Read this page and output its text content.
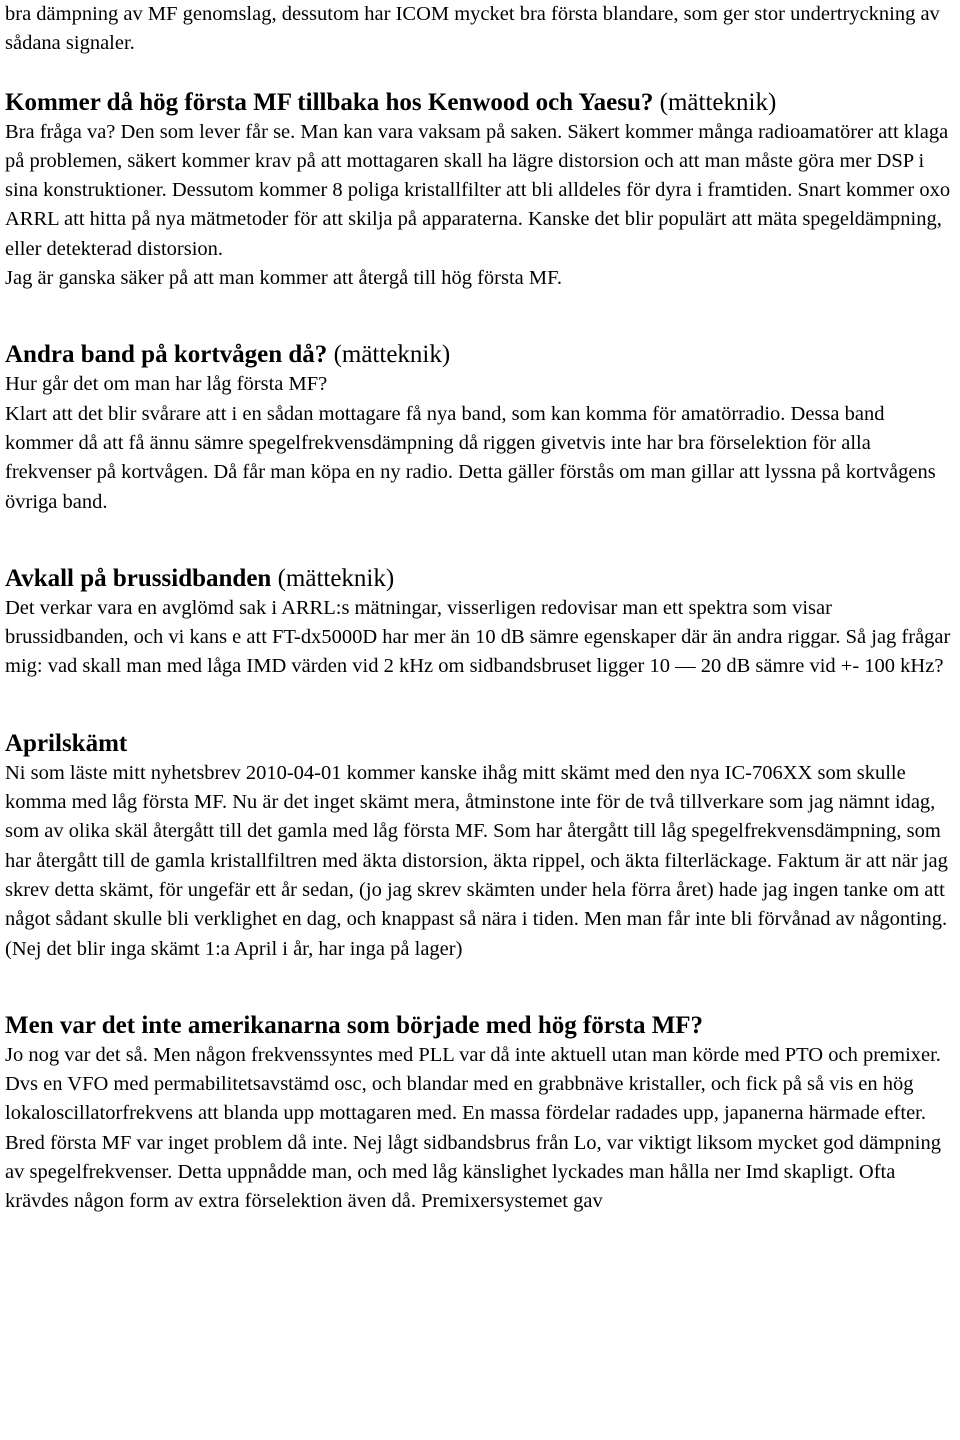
bra dämpning av MF genomslag, dessutom har ICOM mycket bra första blandare, som ger stor undertryckning av sådana signaler.

Kommer då hög första MF tillbaka hos Kenwood och Yaesu? (mätteknik)

Bra fråga va? Den som lever får se. Man kan vara vaksam på saken. Säkert kommer många radioamatörer att klaga på problemen, säkert kommer krav på att mottagaren skall ha lägre distorsion och att man måste göra mer DSP i sina konstruktioner. Dessutom kommer 8 poliga kristallfilter att bli alldeles för dyra i framtiden. Snart kommer oxo ARRL att hitta på nya mätmetoder för att skilja på apparaterna. Kanske det blir populärt att mäta spegeldämpning, eller detekterad distorsion.

Jag är ganska säker på att man kommer att återgå till hög första MF.

Andra band på kortvågen då? (mätteknik)

Hur går det om man har låg första MF?

Klart att det blir svårare att i en sådan mottagare få nya band, som kan komma för amatörradio. Dessa band kommer då att få ännu sämre spegelfrekvensdämpning då riggen givetvis inte har bra förselektion för alla frekvenser på kortvågen. Då får man köpa en ny radio. Detta gäller förstås om man gillar att lyssna på kortvågens övriga band.

Avkall på brussidbanden (mätteknik)

Det verkar vara en avglömd sak i ARRL:s mätningar, visserligen redovisar man ett spektra som visar brussidbanden, och vi kans e att FT-dx5000D har mer än 10 dB sämre egenskaper där än andra riggar. Så jag frågar mig: vad skall man med låga IMD värden vid 2 kHz om sidbandsbruset ligger 10 — 20 dB sämre vid +- 100 kHz?

Aprilskämt

Ni som läste mitt nyhetsbrev 2010-04-01 kommer kanske ihåg mitt skämt med den nya IC-706XX som skulle komma med låg första MF. Nu är det inget skämt mera, åtminstone inte för de två tillverkare som jag nämnt idag, som av olika skäl återgått till det gamla med låg första MF. Som har återgått till låg spegelfrekvensdämpning, som har återgått till de gamla kristallfiltren med äkta distorsion, äkta rippel, och äkta filterläckage. Faktum är att när jag skrev detta skämt, för ungefär ett år sedan, (jo jag skrev skämten under hela förra året) hade jag ingen tanke om att något sådant skulle bli verklighet en dag, och knappast så nära i tiden. Men man får inte bli förvånad av någonting. (Nej det blir inga skämt 1:a April i år, har inga på lager)

Men var det inte amerikanarna som började med hög första MF?

Jo nog var det så. Men någon frekvenssyntes med PLL var då inte aktuell utan man körde med PTO och premixer. Dvs en VFO med permabilitetsavstämd osc, och blandar med en grabbnäve kristaller, och fick på så vis en hög lokaloscillatorfrekvens att blanda upp mottagaren med. En massa fördelar radades upp, japanerna härmade efter. Bred första MF var inget problem då inte. Nej lågt sidbandsbrus från Lo, var viktigt liksom mycket god dämpning av spegelfrekvenser. Detta uppnådde man, och med låg känslighet lyckades man hålla ner Imd skapligt. Ofta krävdes någon form av extra förselektion även då. Premixersystemet gav
